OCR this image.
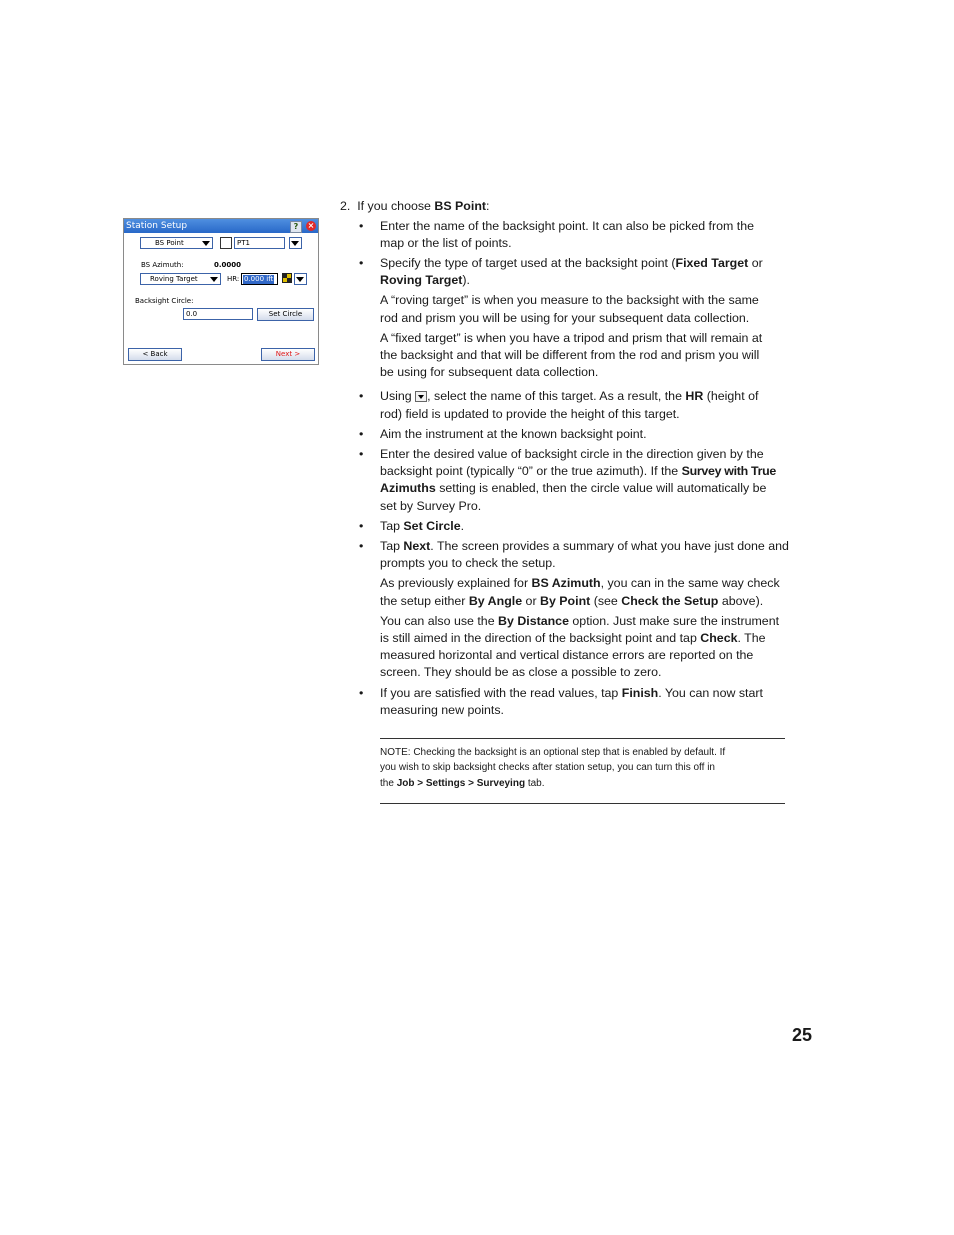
Station Setup	?	×
BS Point	PT1
BS Azimuth:	0.0000
Roving Target	HR: 0.000 ift
Backsight Circle:
0.0	Set Circle
< Back	Next >
2. If you choose BS Point:
• Enter the name of the backsight point. It can also be picked from the
map or the list of points.
• Specify the type of target used at the backsight point (Fixed Target or
Roving Target).
A “roving target” is when you measure to the backsight with the same
rod and prism you will be using for your subsequent data collection.
A “fixed target” is when you have a tripod and prism that will remain at
the backsight and that will be different from the rod and prism you will
be using for subsequent data collection.
• Using , select the name of this target. As a result, the HR (height of
rod) field is updated to provide the height of this target.
• Aim the instrument at the known backsight point.
• Enter the desired value of backsight circle in the direction given by the
backsight point (typically “0” or the true azimuth). If the Survey with True
Azimuths setting is enabled, then the circle value will automatically be
set by Survey Pro.
• Tap Set Circle.
• Tap Next. The screen provides a summary of what you have just done and
prompts you to check the setup.
As previously explained for BS Azimuth, you can in the same way check
the setup either By Angle or By Point (see Check the Setup above).
You can also use the By Distance option. Just make sure the instrument
is still aimed in the direction of the backsight point and tap Check. The
measured horizontal and vertical distance errors are reported on the
screen. They should be as close a possible to zero.
• If you are satisfied with the read values, tap Finish. You can now start
measuring new points.
NOTE: Checking the backsight is an optional step that is enabled by default. If
you wish to skip backsight checks after station setup, you can turn this off in
the Job > Settings > Surveying tab.
25
